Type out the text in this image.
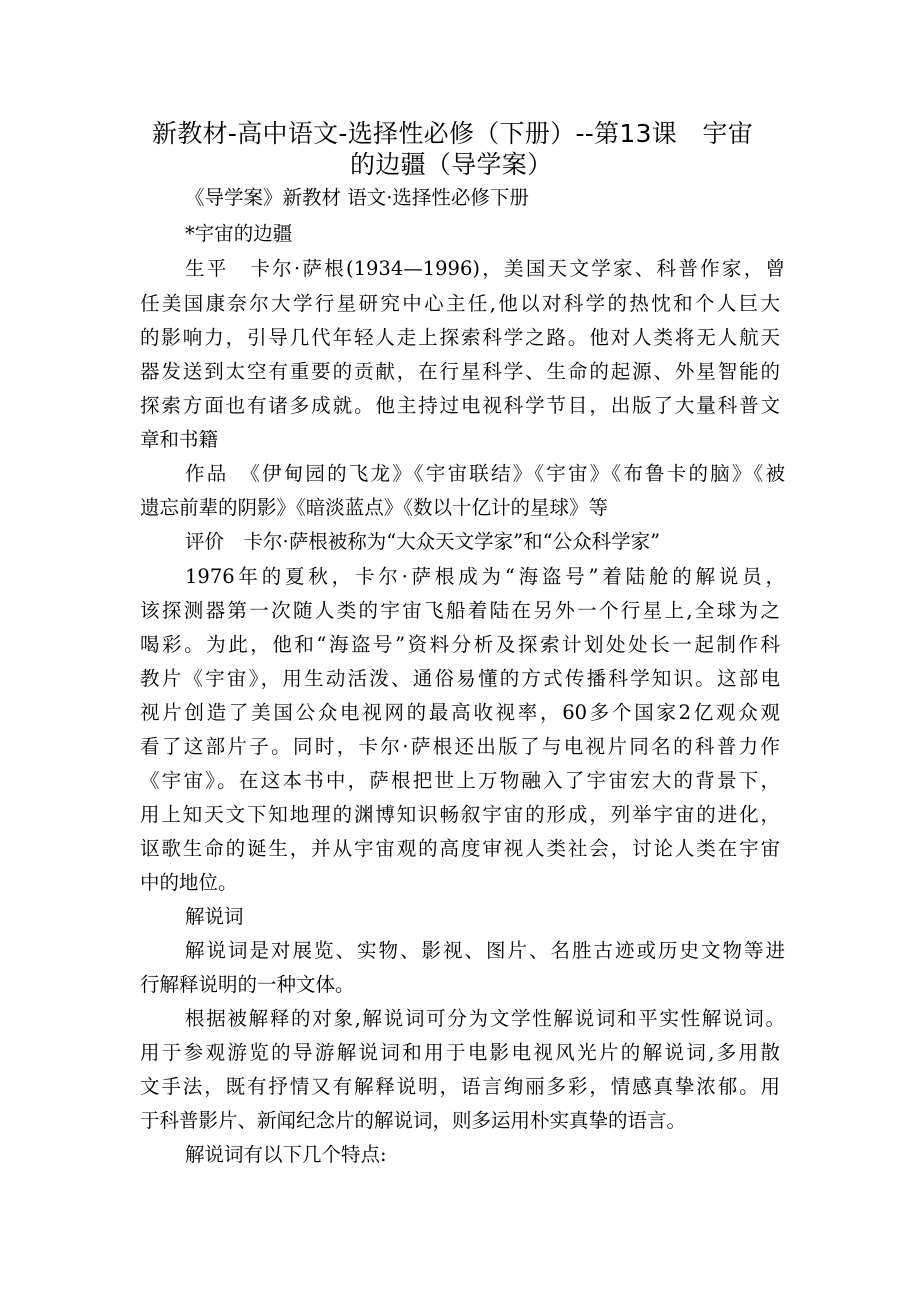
新教材-高中语文-选择性必修（下册）--第13课　宇宙
的边疆（导学案）
《导学案》新教材 语文·选择性必修下册
*宇宙的边疆
生平　卡尔·萨根(1934—1996)，美国天文学家、科普作家，曾
任美国康奈尔大学行星研究中心主任,他以对科学的热忱和个人巨大
的影响力，引导几代年轻人走上探索科学之路。他对人类将无人航天
器发送到太空有重要的贡献，在行星科学、生命的起源、外星智能的
探索方面也有诸多成就。他主持过电视科学节目，出版了大量科普文
章和书籍
作品　《伊甸园的飞龙》《宇宙联结》《宇宙》《布鲁卡的脑》《被
遗忘前辈的阴影》《暗淡蓝点》《数以十亿计的星球》等
评价　卡尔·萨根被称为“大众天文学家”和“公众科学家”
1976年的夏秋，卡尔·萨根成为“海盗号”着陆舱的解说员，
该探测器第一次随人类的宇宙飞船着陆在另外一个行星上,全球为之
喝彩。为此，他和“海盗号”资料分析及探索计划处处长一起制作科
教片《宇宙》，用生动活泼、通俗易懂的方式传播科学知识。这部电
视片创造了美国公众电视网的最高收视率，60多个国家2亿观众观
看了这部片子。同时，卡尔·萨根还出版了与电视片同名的科普力作
《宇宙》。在这本书中，萨根把世上万物融入了宇宙宏大的背景下，
用上知天文下知地理的渊博知识畅叙宇宙的形成，列举宇宙的进化，
讴歌生命的诞生，并从宇宙观的高度审视人类社会，讨论人类在宇宙
中的地位。
解说词
解说词是对展览、实物、影视、图片、名胜古迹或历史文物等进
行解释说明的一种文体。
根据被解释的对象,解说词可分为文学性解说词和平实性解说词。
用于参观游览的导游解说词和用于电影电视风光片的解说词,多用散
文手法，既有抒情又有解释说明，语言绚丽多彩，情感真挚浓郁。用
于科普影片、新闻纪念片的解说词，则多运用朴实真挚的语言。
解说词有以下几个特点:
